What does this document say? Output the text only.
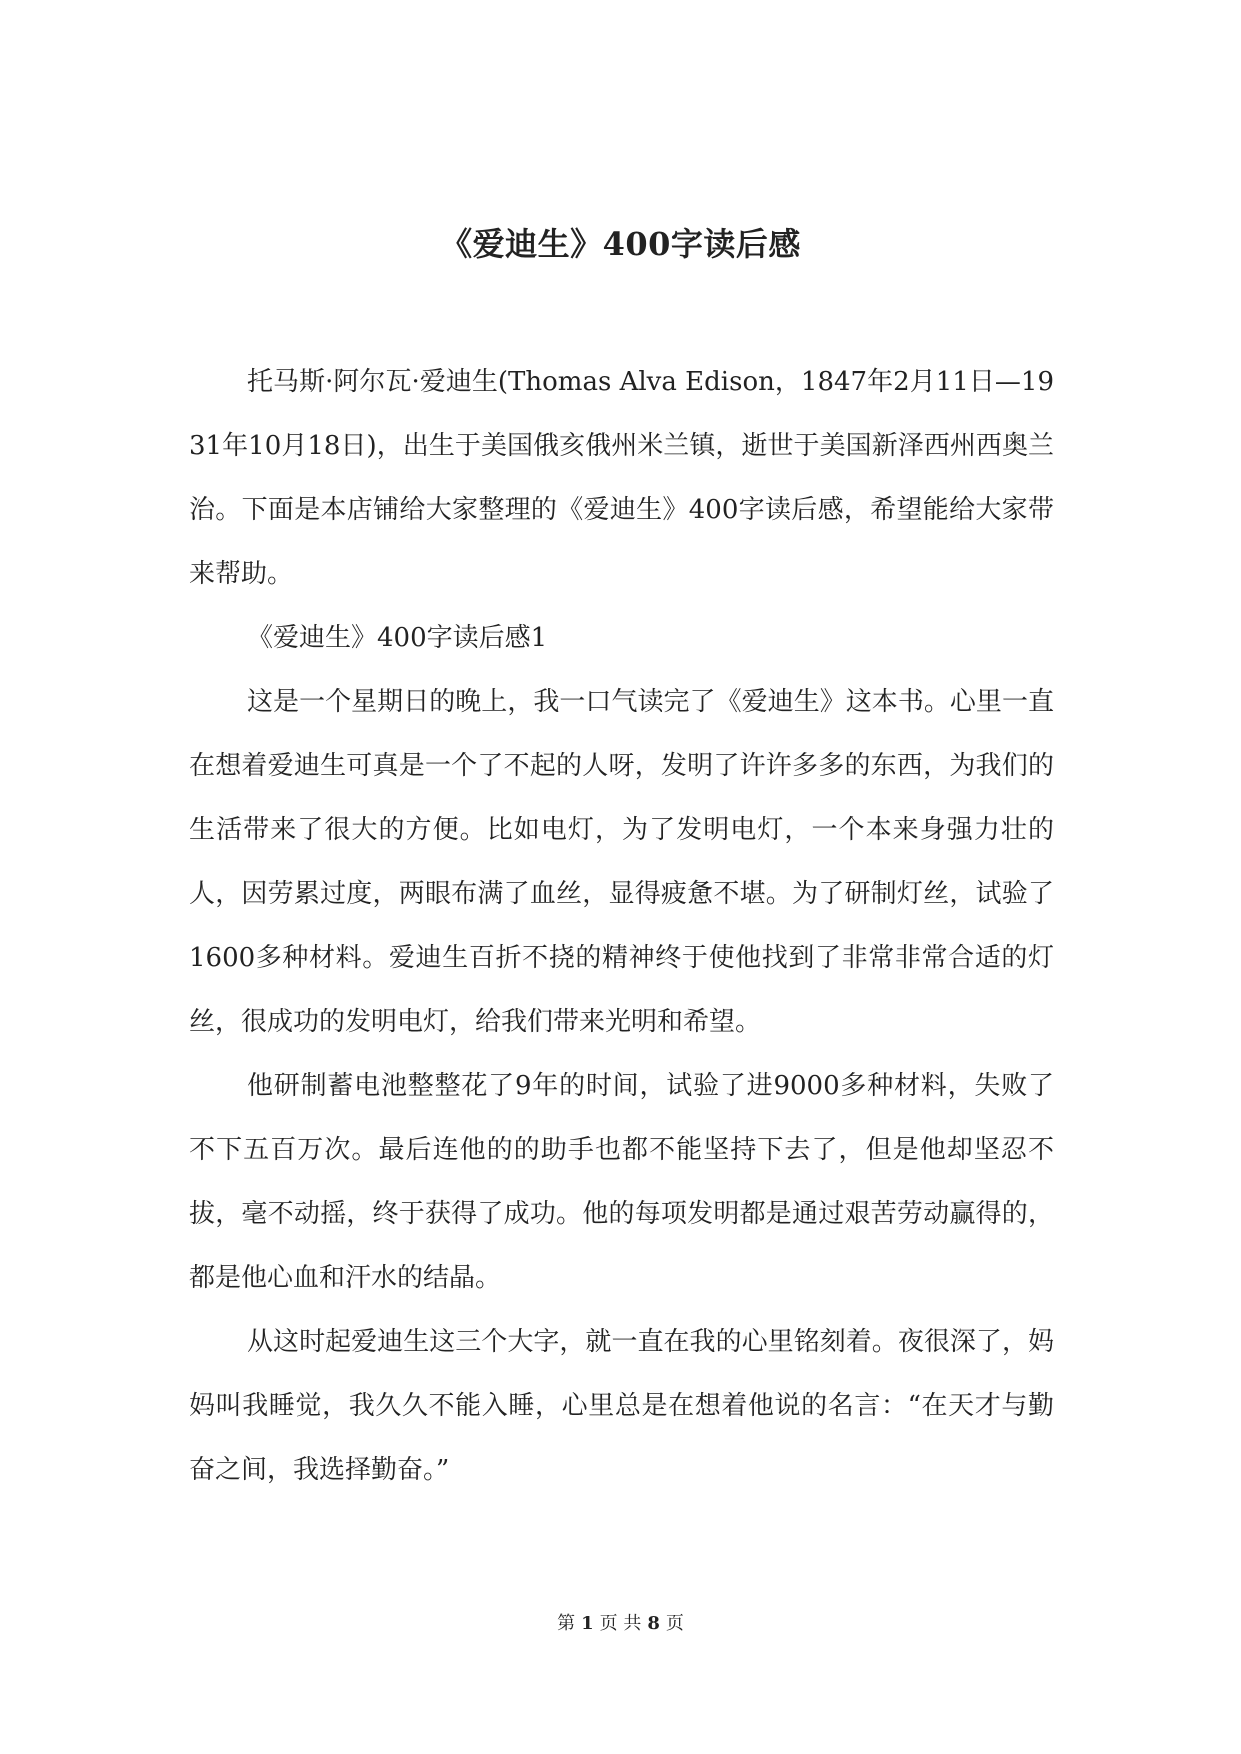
《爱迪生》400字读后感

托马斯·阿尔瓦·爱迪生(Thomas Alva Edison，1847年2月11日—1931年10月18日)，出生于美国俄亥俄州米兰镇，逝世于美国新泽西州西奥兰治。下面是本店铺给大家整理的《爱迪生》400字读后感，希望能给大家带来帮助。

《爱迪生》400字读后感1

这是一个星期日的晚上，我一口气读完了《爱迪生》这本书。心里一直在想着爱迪生可真是一个了不起的人呀，发明了许许多多的东西，为我们的生活带来了很大的方便。比如电灯，为了发明电灯，一个本来身强力壮的人，因劳累过度，两眼布满了血丝，显得疲惫不堪。为了研制灯丝，试验了1600多种材料。爱迪生百折不挠的精神终于使他找到了非常非常合适的灯丝，很成功的发明电灯，给我们带来光明和希望。

他研制蓄电池整整花了9年的时间，试验了进9000多种材料，失败了不下五百万次。最后连他的的助手也都不能坚持下去了，但是他却坚忍不拔，毫不动摇，终于获得了成功。他的每项发明都是通过艰苦劳动赢得的，都是他心血和汗水的结晶。

从这时起爱迪生这三个大字，就一直在我的心里铭刻着。夜很深了，妈妈叫我睡觉，我久久不能入睡，心里总是在想着他说的名言：“在天才与勤奋之间，我选择勤奋。”

第 1 页 共 8 页
